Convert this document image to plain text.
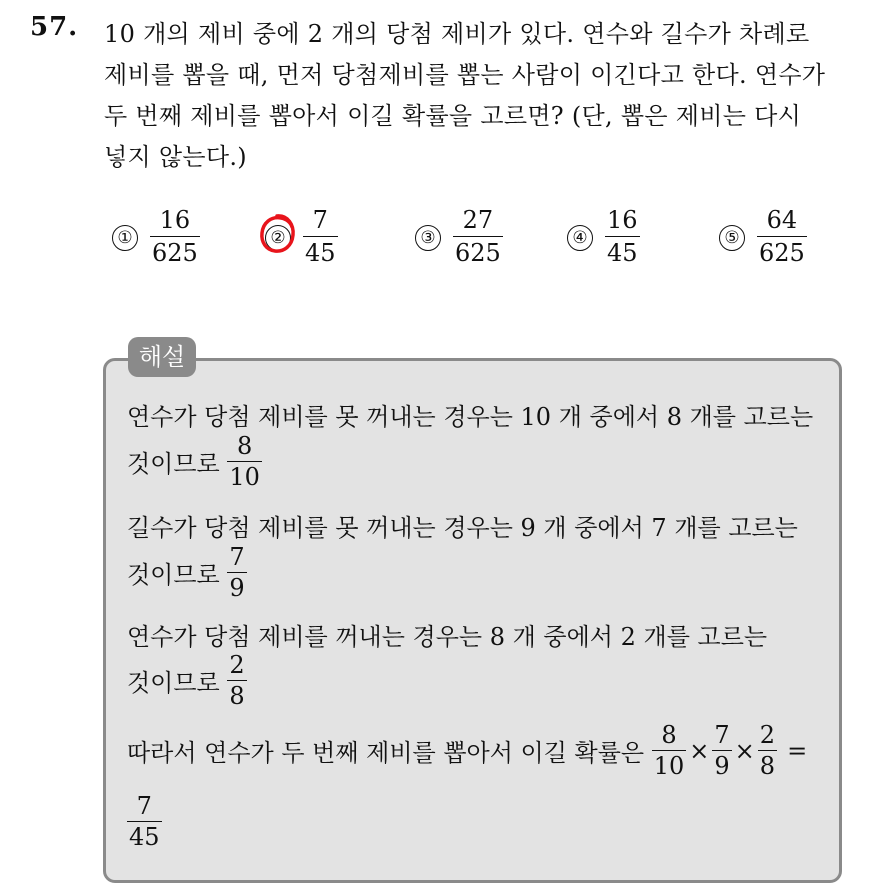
57. 10 개의 제비 중에 2 개의 당첨 제비가 있다. 연수와 길수가 차례로
제비를 뽑을 때, 먼저 당첨제비를 뽑는 사람이 이긴다고 한다. 연수가
두 번째 제비를 뽑아서 이길 확률을 고르면? (단, 뽑은 제비는 다시
넣지 않는다.)
①
16
625
②
7
45
③
27
625
④
16
45
⑤
64
625
해설
연수가 당첨 제비를 못 꺼내는 경우는 10 개 중에서 8 개를 고르는
것이므로 $\frac{8}{10}$
길수가 당첨 제비를 못 꺼내는 경우는 9 개 중에서 7 개를 고르는
것이므로 $\frac{7}{9}$
연수가 당첨 제비를 꺼내는 경우는 8 개 중에서 2 개를 고르는
것이므로 $\frac{2}{8}$
따라서 연수가 두 번째 제비를 뽑아서 이길 확률은 $\frac{8}{10} \times \frac{7}{9} \times \frac{2}{8}$ =
$\frac{7}{45}$
